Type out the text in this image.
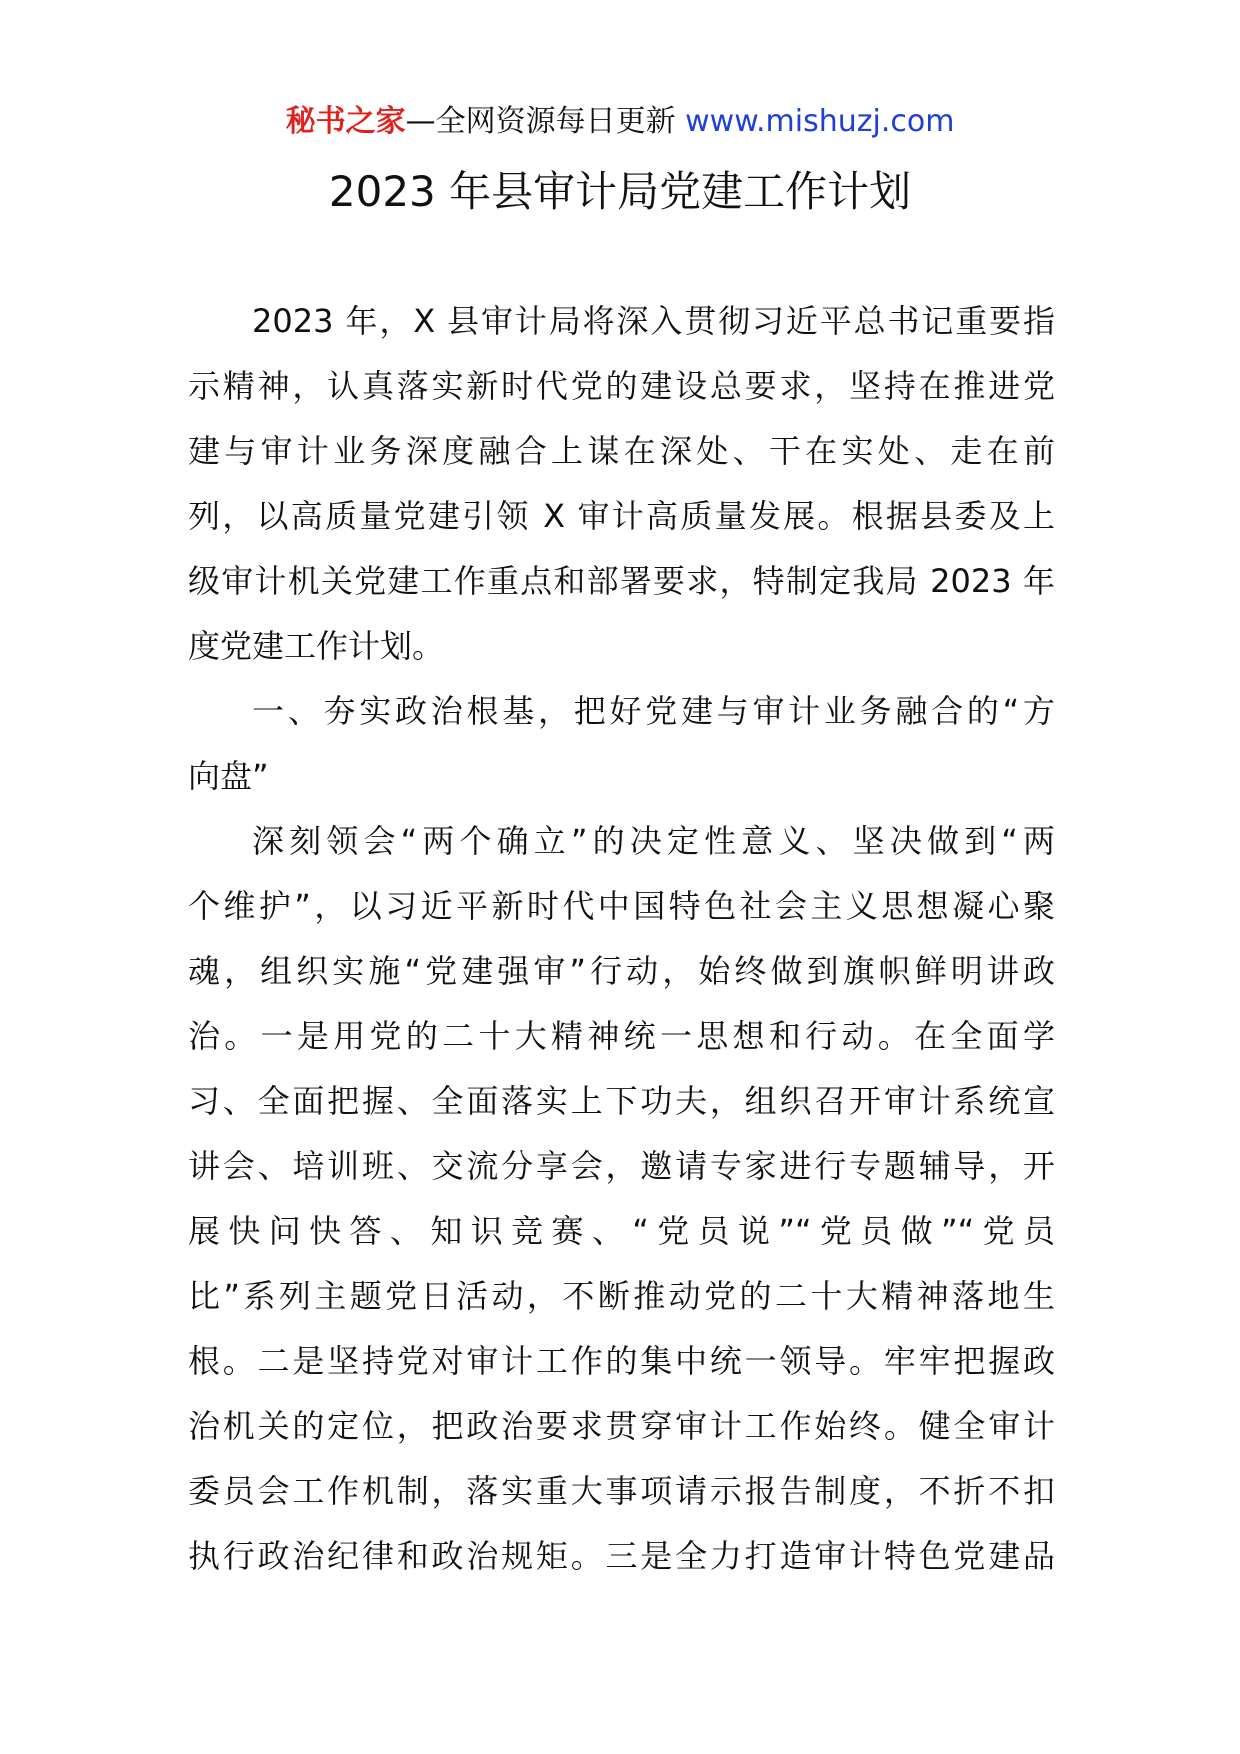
秘书之家—全网资源每日更新 www.mishuzj.com
2023 年县审计局党建工作计划
2023 年，X 县审计局将深入贯彻习近平总书记重要指
示精神，认真落实新时代党的建设总要求，坚持在推进党
建与审计业务深度融合上谋在深处、干在实处、走在前
列，以高质量党建引领 X 审计高质量发展。根据县委及上
级审计机关党建工作重点和部署要求，特制定我局 2023 年
度党建工作计划。
一、夯实政治根基，把好党建与审计业务融合的“方
向盘”
深刻领会“两个确立”的决定性意义、坚决做到“两
个维护”，以习近平新时代中国特色社会主义思想凝心聚
魂，组织实施“党建强审”行动，始终做到旗帜鲜明讲政
治。一是用党的二十大精神统一思想和行动。在全面学
习、全面把握、全面落实上下功夫，组织召开审计系统宣
讲会、培训班、交流分享会，邀请专家进行专题辅导，开
展快问快答、知识竞赛、“党员说”“党员做”“党员
比”系列主题党日活动，不断推动党的二十大精神落地生
根。二是坚持党对审计工作的集中统一领导。牢牢把握政
治机关的定位，把政治要求贯穿审计工作始终。健全审计
委员会工作机制，落实重大事项请示报告制度，不折不扣
执行政治纪律和政治规矩。三是全力打造审计特色党建品
